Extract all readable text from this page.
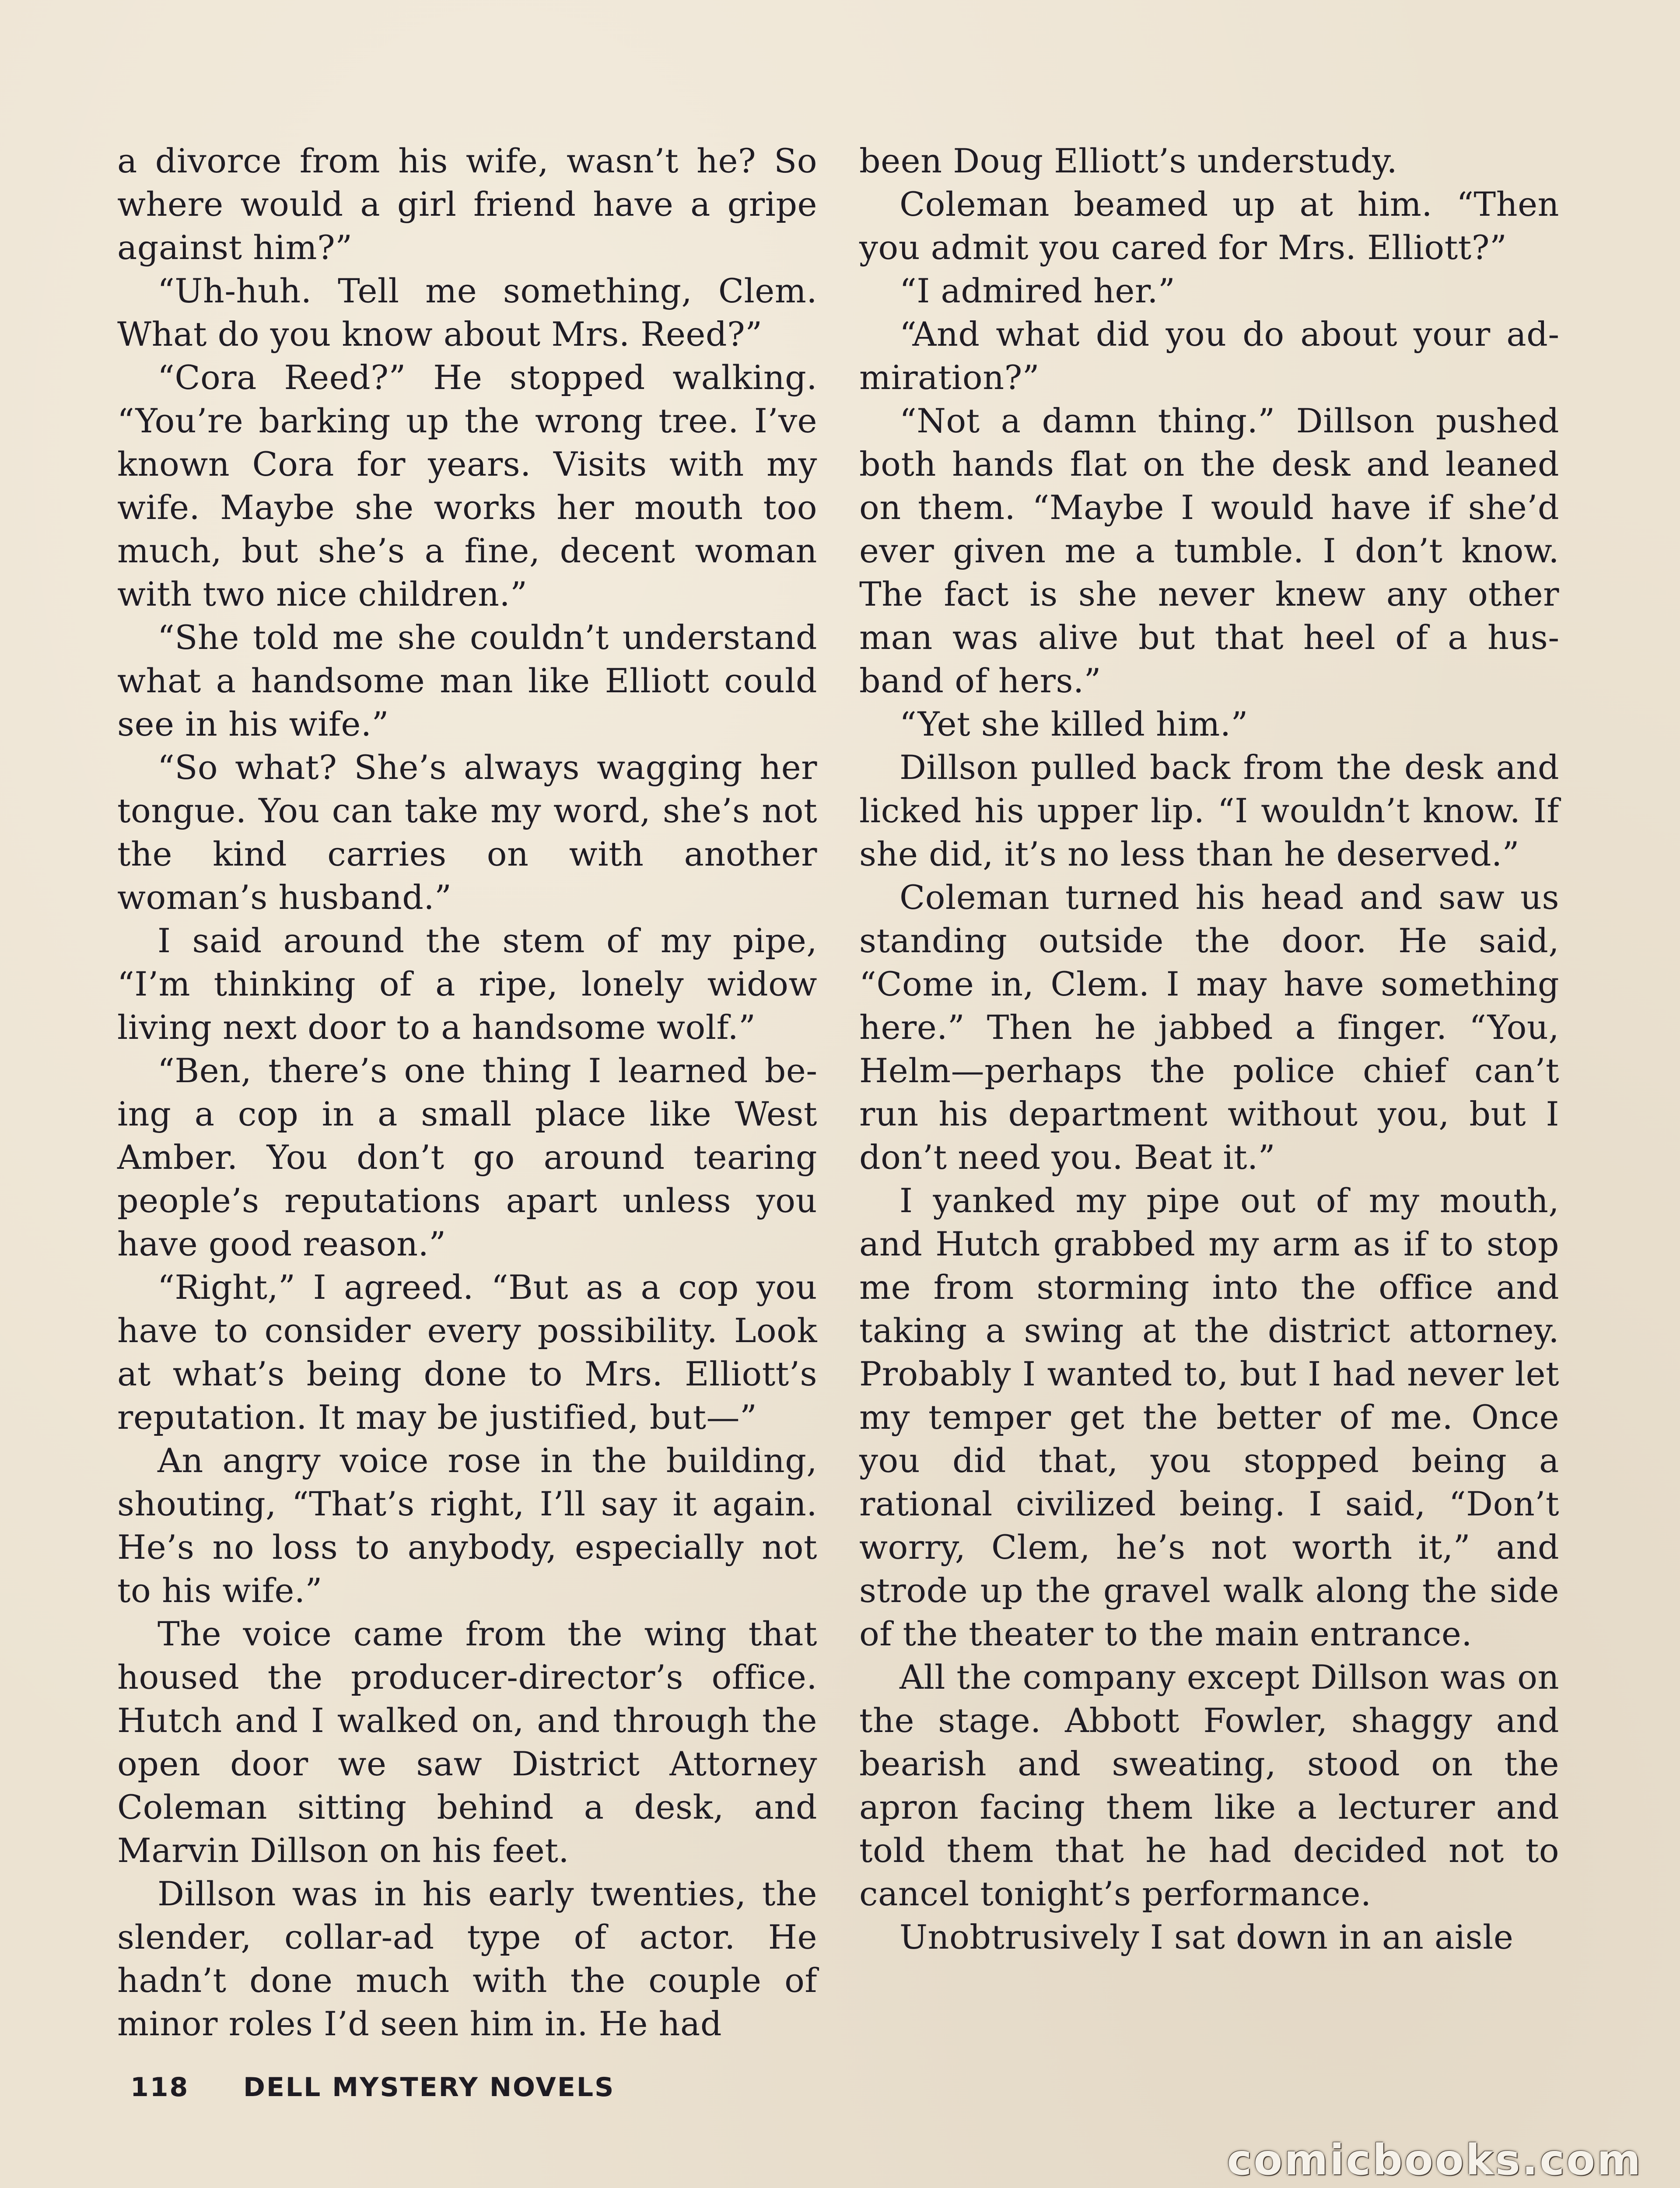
a divorce from his wife, wasn’t he? So where would a girl friend have a gripe against him?”

“Uh-huh. Tell me something, Clem. What do you know about Mrs. Reed?”

“Cora Reed?” He stopped walking. “You’re barking up the wrong tree. I’ve known Cora for years. Visits with my wife. Maybe she works her mouth too much, but she’s a fine, decent woman with two nice children.”

“She told me she couldn’t understand what a handsome man like Elliott could see in his wife.”

“So what? She’s always wagging her tongue. You can take my word, she’s not the kind carries on with another woman’s husband.”

I said around the stem of my pipe, “I’m thinking of a ripe, lonely widow living next door to a handsome wolf.”

“Ben, there’s one thing I learned being a cop in a small place like West Amber. You don’t go around tearing people’s reputations apart unless you have good reason.”

“Right,” I agreed. “But as a cop you have to consider every possibility. Look at what’s being done to Mrs. Elliott’s reputation. It may be justified, but—”

An angry voice rose in the building, shouting, “That’s right, I’ll say it again. He’s no loss to anybody, especially not to his wife.”

The voice came from the wing that housed the producer-director’s office. Hutch and I walked on, and through the open door we saw District Attorney Coleman sitting behind a desk, and Marvin Dillson on his feet.

Dillson was in his early twenties, the slender, collar-ad type of actor. He hadn’t done much with the couple of minor roles I’d seen him in. He had

been Doug Elliott’s understudy.

Coleman beamed up at him. “Then you admit you cared for Mrs. Elliott?”

“I admired her.”

“And what did you do about your admiration?”

“Not a damn thing.” Dillson pushed both hands flat on the desk and leaned on them. “Maybe I would have if she’d ever given me a tumble. I don’t know. The fact is she never knew any other man was alive but that heel of a husband of hers.”

“Yet she killed him.”

Dillson pulled back from the desk and licked his upper lip. “I wouldn’t know. If she did, it’s no less than he deserved.”

Coleman turned his head and saw us standing outside the door. He said, “Come in, Clem. I may have something here.” Then he jabbed a finger. “You, Helm—perhaps the police chief can’t run his department without you, but I don’t need you. Beat it.”

I yanked my pipe out of my mouth, and Hutch grabbed my arm as if to stop me from storming into the office and taking a swing at the district attorney. Probably I wanted to, but I had never let my temper get the better of me. Once you did that, you stopped being a rational civilized being. I said, “Don’t worry, Clem, he’s not worth it,” and strode up the gravel walk along the side of the theater to the main entrance.

All the company except Dillson was on the stage. Abbott Fowler, shaggy and bearish and sweating, stood on the apron facing them like a lecturer and told them that he had decided not to cancel tonight’s performance.

Unobtrusively I sat down in an aisle

118 DELL MYSTERY NOVELS
comicbooks.com
